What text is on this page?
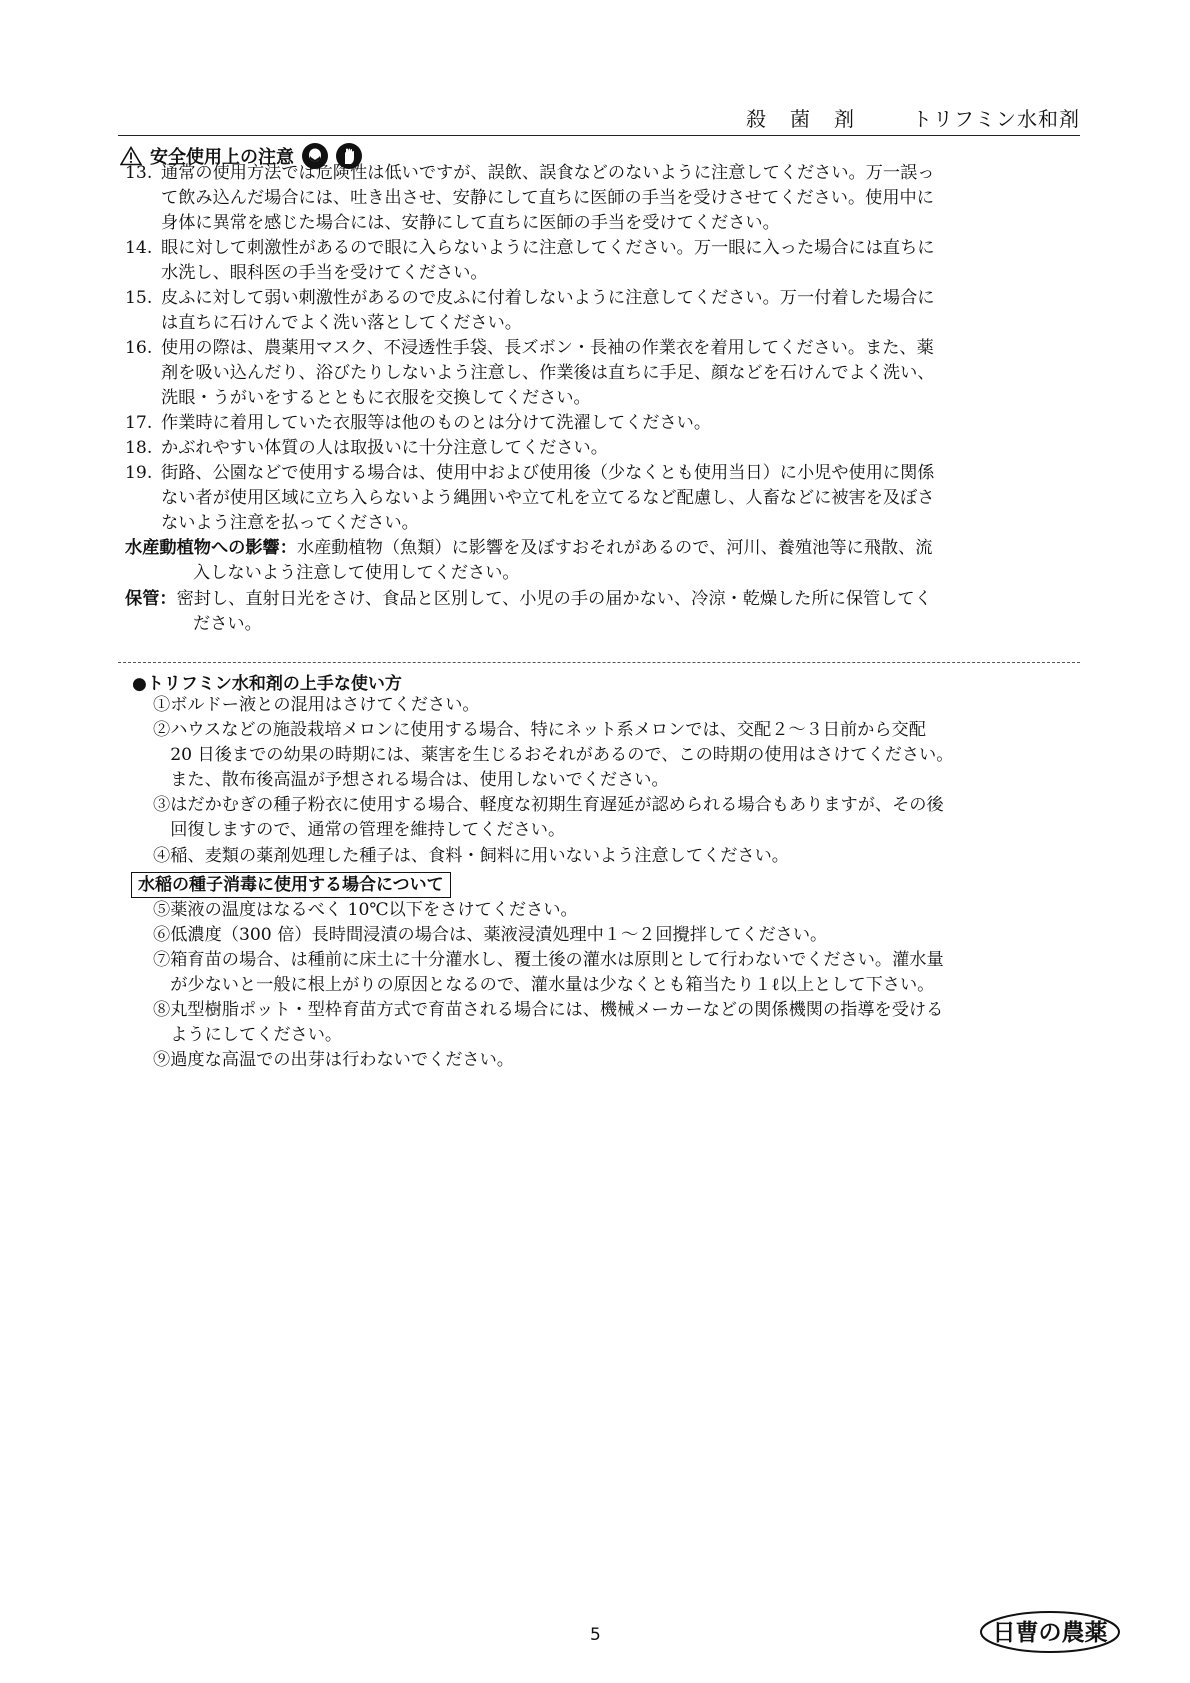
殺菌剤 トリフミン水和剤
安全使用上の注意
13. 通常の使用方法では危険性は低いですが、誤飲、誤食などのないように注意してください。万一誤っ
て飲み込んだ場合には、吐き出させ、安静にして直ちに医師の手当を受けさせてください。使用中に
身体に異常を感じた場合には、安静にして直ちに医師の手当を受けてください。
14. 眼に対して刺激性があるので眼に入らないように注意してください。万一眼に入った場合には直ちに
水洗し、眼科医の手当を受けてください。
15. 皮ふに対して弱い刺激性があるので皮ふに付着しないように注意してください。万一付着した場合に
は直ちに石けんでよく洗い落としてください。
16. 使用の際は、農薬用マスク、不浸透性手袋、長ズボン・長袖の作業衣を着用してください。また、薬
剤を吸い込んだり、浴びたりしないよう注意し、作業後は直ちに手足、顔などを石けんでよく洗い、
洗眼・うがいをするとともに衣服を交換してください。
17. 作業時に着用していた衣服等は他のものとは分けて洗濯してください。
18. かぶれやすい体質の人は取扱いに十分注意してください。
19. 街路、公園などで使用する場合は、使用中および使用後（少なくとも使用当日）に小児や使用に関係
ない者が使用区域に立ち入らないよう縄囲いや立て札を立てるなど配慮し、人畜などに被害を及ぼさ
ないよう注意を払ってください。
水産動植物への影響：水産動植物（魚類）に影響を及ぼすおそれがあるので、河川、養殖池等に飛散、流
入しないよう注意して使用してください。
保管：密封し、直射日光をさけ、食品と区別して、小児の手の届かない、冷涼・乾燥した所に保管してく
ださい。
●トリフミン水和剤の上手な使い方
①ボルドー液との混用はさけてください。
②ハウスなどの施設栽培メロンに使用する場合、特にネット系メロンでは、交配２～３日前から交配
　20 日後までの幼果の時期には、薬害を生じるおそれがあるので、この時期の使用はさけてください。
　また、散布後高温が予想される場合は、使用しないでください。
③はだかむぎの種子粉衣に使用する場合、軽度な初期生育遅延が認められる場合もありますが、その後
　回復しますので、通常の管理を維持してください。
④稲、麦類の薬剤処理した種子は、食料・飼料に用いないよう注意してください。
水稲の種子消毒に使用する場合について
⑤薬液の温度はなるべく 10℃以下をさけてください。
⑥低濃度（300 倍）長時間浸漬の場合は、薬液浸漬処理中１～２回攪拌してください。
⑦箱育苗の場合、は種前に床土に十分灌水し、覆土後の灌水は原則として行わないでください。灌水量
　が少ないと一般に根上がりの原因となるので、灌水量は少なくとも箱当たり１ℓ以上として下さい。
⑧丸型樹脂ポット・型枠育苗方式で育苗される場合には、機械メーカーなどの関係機関の指導を受ける
　ようにしてください。
⑨過度な高温での出芽は行わないでください。
5	日曹の農薬
